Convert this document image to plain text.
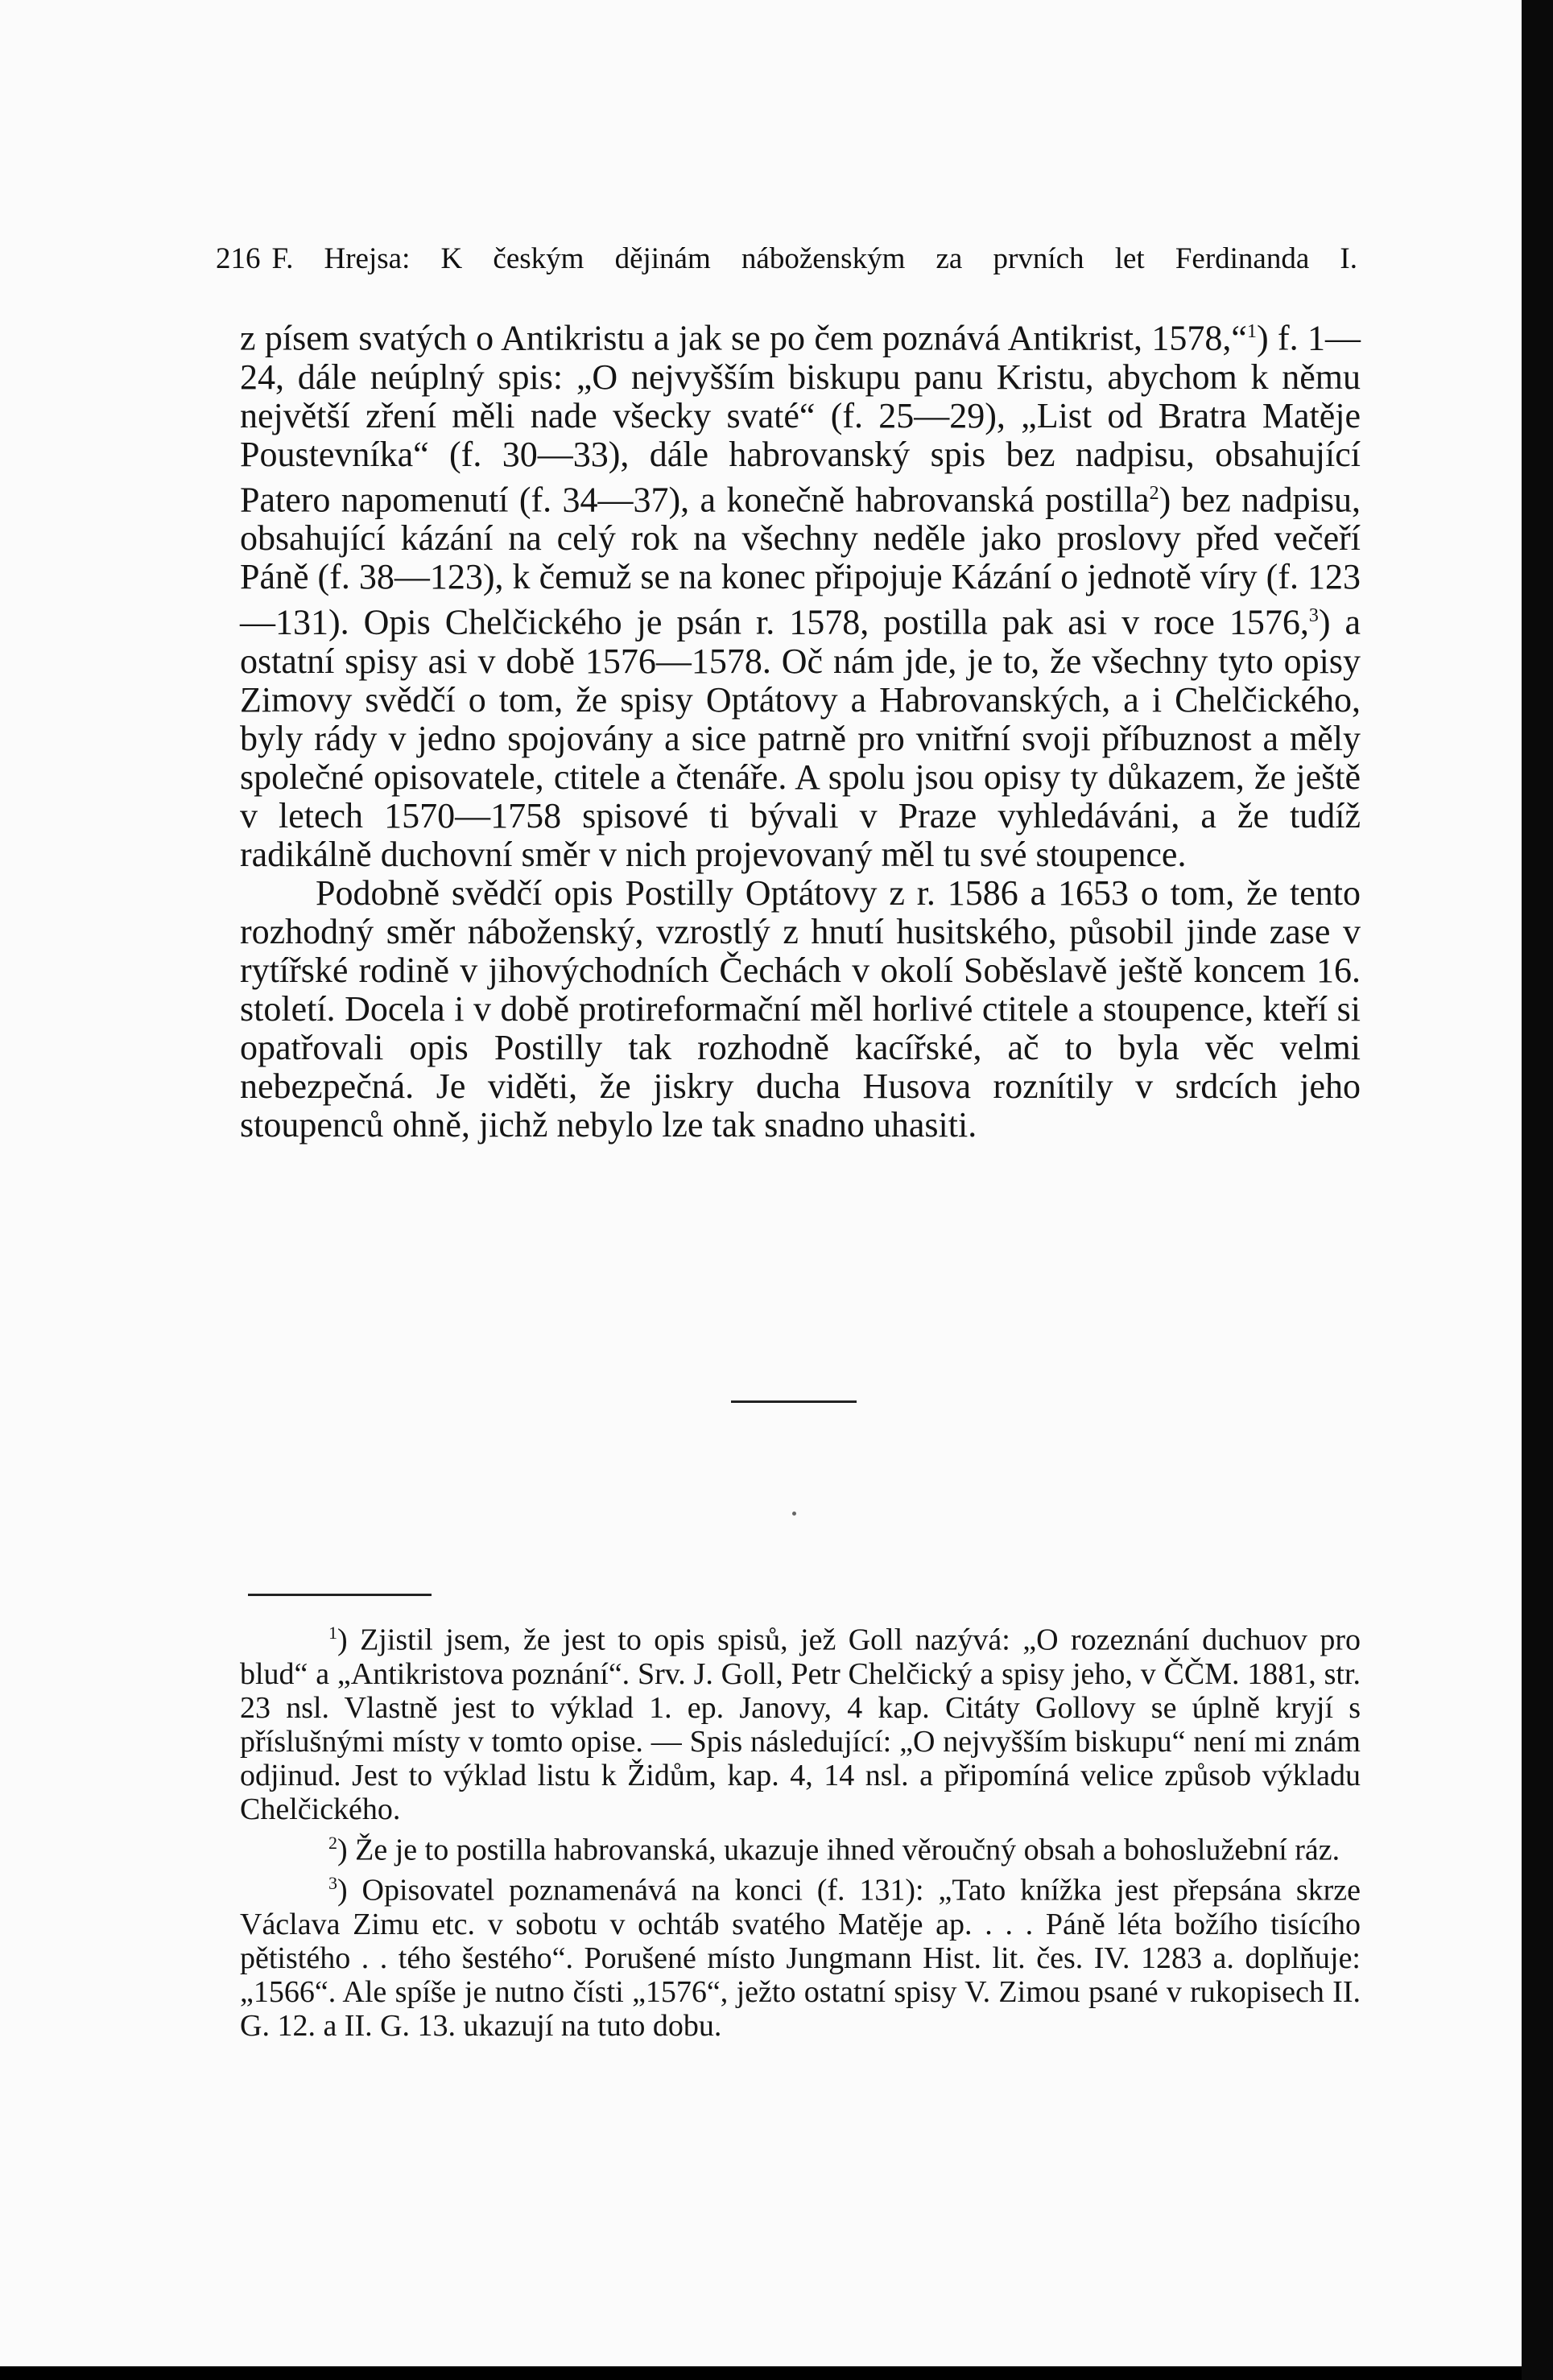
216 F. Hrejsa: K českým dějinám náboženským za prvních let Ferdinanda I.

z písem svatých o Antikristu a jak se po čem poznává Antikrist, 1578,“$^1$) f. 1—24, dále neúplný spis: „O nejvyšším biskupu panu Kristu, abychom k němu největší zření měli nade všecky svaté“ (f. 25—29), „List od Bratra Matěje Poustevníka“ (f. 30—33), dále habrovanský spis bez nadpisu, obsahující Patero napomenutí (f. 34—37), a konečně habrovanská postilla$^2$) bez nadpisu, obsahující kázání na celý rok na všechny neděle jako proslovy před večeří Páně (f. 38—123), k čemuž se na konec připojuje Kázání o jednotě víry (f. 123—131). Opis Chelčického je psán r. 1578, postilla pak asi v roce 1576,$^3$) a ostatní spisy asi v době 1576—1578. Oč nám jde, je to, že všechny tyto opisy Zimovy svědčí o tom, že spisy Optátovy a Habrovanských, a i Chelčického, byly rády v jedno spojovány a sice patrně pro vnitřní svoji příbuznost a měly společné opisovatele, ctitele a čtenáře. A spolu jsou opisy ty důkazem, že ještě v letech 1570—1758 spisové ti bývali v Praze vyhledáváni, a že tudíž radikálně duchovní směr v nich projevovaný měl tu své stoupence.

Podobně svědčí opis Postilly Optátovy z r. 1586 a 1653 o tom, že tento rozhodný směr náboženský, vzrostlý z hnutí husitského, působil jinde zase v rytířské rodině v jihovýchodních Čechách v okolí Soběslavě ještě koncem 16. století. Docela i v době protireformační měl horlivé ctitele a stoupence, kteří si opatřovali opis Postilly tak rozhodně kacířské, ač to byla věc velmi nebezpečná. Je viděti, že jiskry ducha Husova roznítily v srdcích jeho stoupenců ohně, jichž nebylo lze tak snadno uhasiti.

$^1$) Zjistil jsem, že jest to opis spisů, jež Goll nazývá: „O rozeznání duchuov pro blud“ a „Antikristova poznání“. Srv. J. Goll, Petr Chelčický a spisy jeho, v ČČM. 1881, str. 23 nsl. Vlastně jest to výklad 1. ep. Janovy, 4 kap. Citáty Gollovy se úplně kryjí s příslušnými místy v tomto opise. — Spis následující: „O nejvyšším biskupu“ není mi znám odjinud. Jest to výklad listu k Židům, kap. 4, 14 nsl. a připomíná velice způsob výkladu Chelčického.

$^2$) Že je to postilla habrovanská, ukazuje ihned věroučný obsah a bohoslužební ráz.

$^3$) Opisovatel poznamenává na konci (f. 131): „Tato knížka jest přepsána skrze Václava Zimu etc. v sobotu v ochtáb svatého Matěje ap. . . . Páně léta božího tisícího pětistého . . tého šestého“. Porušené místo Jungmann Hist. lit. čes. IV. 1283 a. doplňuje: „1566“. Ale spíše je nutno čísti „1576“, ježto ostatní spisy V. Zimou psané v rukopisech II. G. 12. a II. G. 13. ukazují na tuto dobu.
